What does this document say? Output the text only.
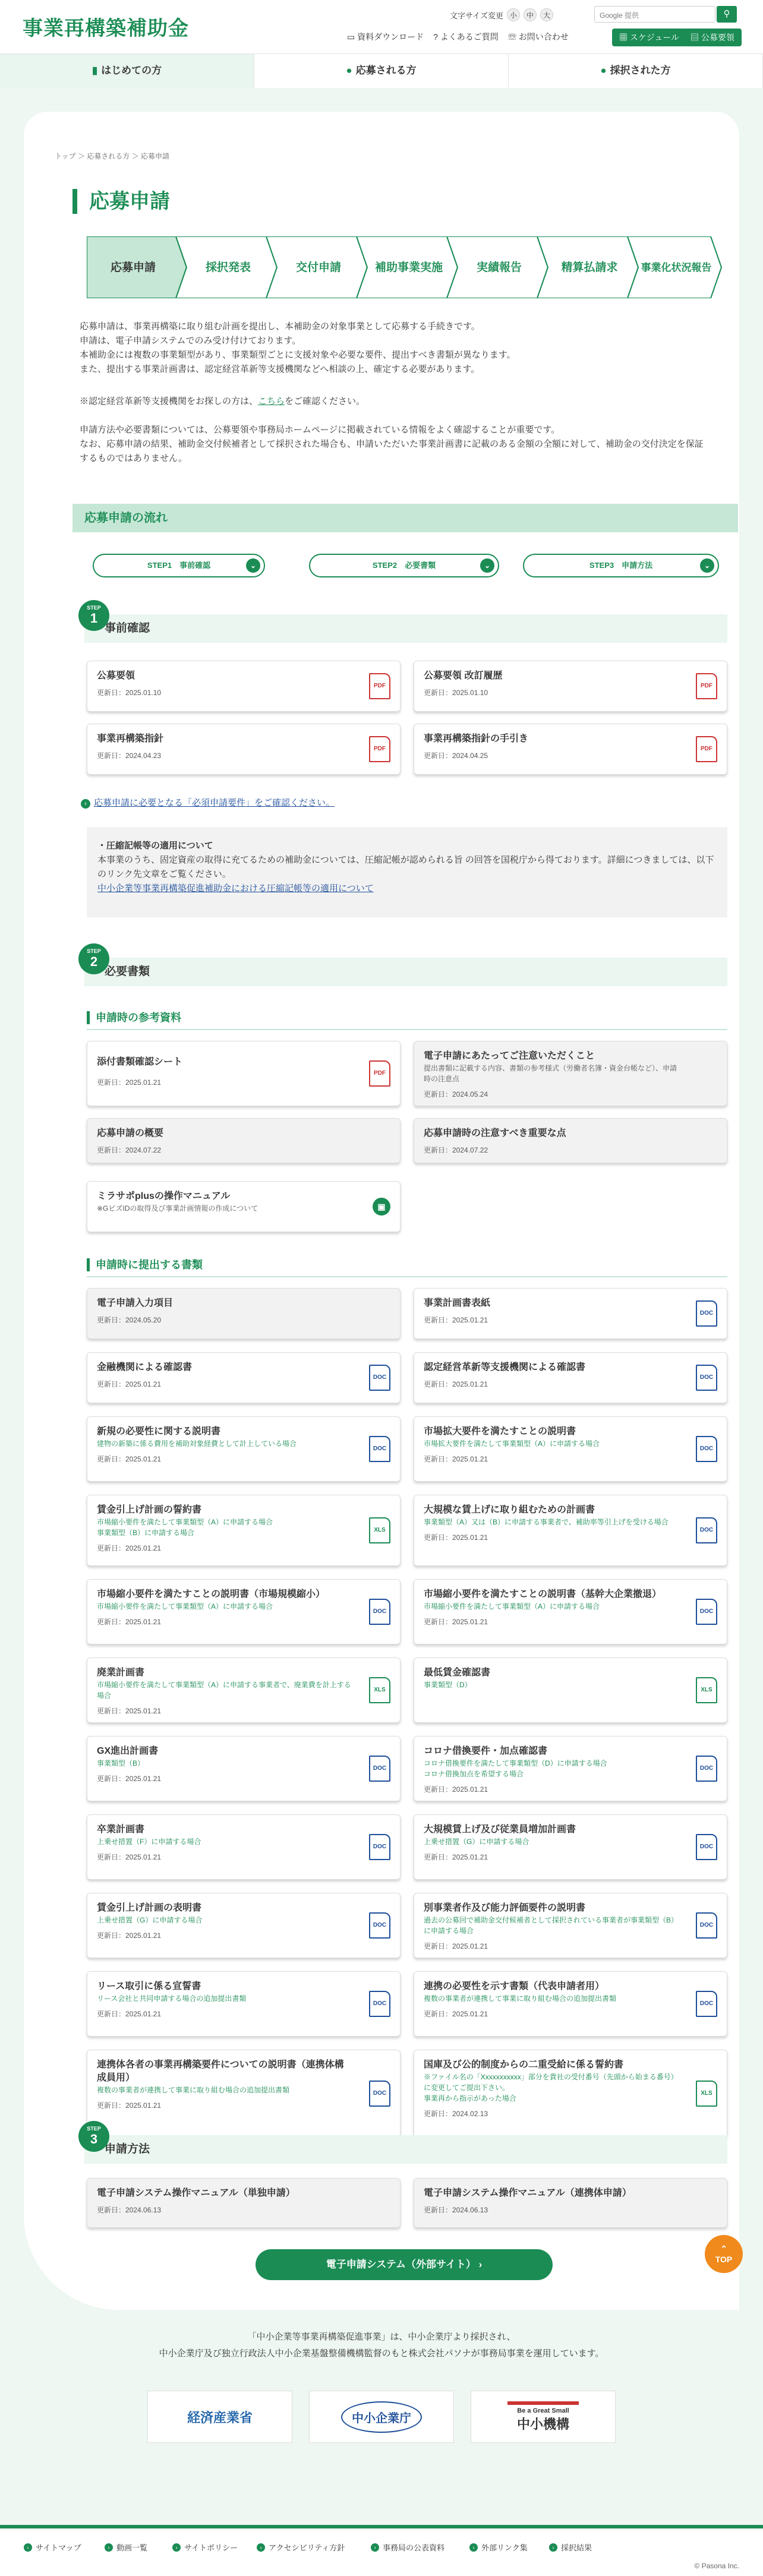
事業再構築補助金
文字サイズ変更 小	中	大	Google 提供	⚲
▭ 資料ダウンロード ? よくあるご質問 ☏ お問い合わせ	▦ スケジュール	▤ 公募要領
▮ はじめての方	● 応募される方	● 採択された方
トップ ＞ 応募される方 ＞ 応募申請
応募申請
応募申請	採択発表	交付申請	補助事業実施	実績報告	精算払請求 事業化状況報告
応募申請は、事業再構築に取り組む計画を提出し、本補助金の対象事業として応募する手続きです。
申請は、電子申請システムでのみ受け付けております。
本補助金には複数の事業類型があり、事業類型ごとに支援対象や必要な要件、提出すべき書類が異なります。
また、提出する事業計画書は、認定経営革新等支援機関などへ相談の上、確定する必要があります。
※認定経営革新等支援機関をお探しの方は、こちらをご確認ください。
申請方法や必要書類については、公募要領や事務局ホームページに掲載されている情報をよく確認することが重要です。
なお、応募申請の結果、補助金交付候補者として採択された場合も、申請いただいた事業計画書に記載のある金額の全額に対して、補助金の交付決定を保証するものではありません。
応募申請の流れ
STEP1　事前確認	⌄	STEP2　必要書類	⌄	STEP3　申請方法	⌄
事前確認
STEP
1
公募要領
更新日：2025.01.10
PDF
公募要領 改訂履歴
更新日：2025.01.10
PDF
事業再構築指針
更新日：2024.04.23
PDF
事業再構築指針の手引き
更新日：2024.04.25
PDF
› 応募申請に必要となる「必須申請要件」をご確認ください。
・圧縮記帳等の適用について
本事業のうち、固定資産の取得に充てるための補助金については、圧縮記帳が認められる旨 の回答を国税庁から得ております。詳細につきましては、以下のリンク先文章をご覧ください。
中小企業等事業再構築促進補助金における圧縮記帳等の適用について
必要書類
STEP
2
申請時の参考資料
添付書類確認シート
更新日：2025.01.21
PDF
電子申請にあたってご注意いただくこと
提出書類に記載する内容、書類の参考様式（労働者名簿・資金台帳など）、申請時の注意点
更新日：2024.05.24
応募申請の概要
更新日：2024.07.22
応募申請時の注意すべき重要な点
更新日：2024.07.22
ミラサポplusの操作マニュアル
※GビズIDの取得及び事業計画情報の作成について	▣
申請時に提出する書類
電子申請入力項目
更新日：2024.05.20
事業計画書表紙
更新日：2025.01.21
DOC
金融機関による確認書
更新日：2025.01.21
DOC
認定経営革新等支援機関による確認書
更新日：2025.01.21
DOC
新規の必要性に関する説明書
建物の新築に係る費用を補助対象経費として計上している場合
更新日：2025.01.21
DOC
市場拡大要件を満たすことの説明書
市場拡大要件を満たして事業類型（A）に申請する場合
更新日：2025.01.21
DOC
賃金引上げ計画の誓約書
市場縮小要件を満たして事業類型（A）に申請する場合
事業類型（B）に申請する場合
更新日：2025.01.21
XLS
大規模な賃上げに取り組むための計画書
事業類型（A）又は（B）に申請する事業者で、補助率等引上げを受ける場合
更新日：2025.01.21
DOC
市場縮小要件を満たすことの説明書（市場規模縮小）
市場縮小要件を満たして事業類型（A）に申請する場合
更新日：2025.01.21
DOC
市場縮小要件を満たすことの説明書（基幹大企業撤退）
市場縮小要件を満たして事業類型（A）に申請する場合
更新日：2025.01.21
DOC
廃業計画書
市場縮小要件を満たして事業類型（A）に申請する事業者で、廃業費を計上する場合
更新日：2025.01.21
XLS
最低賃金確認書
事業類型（D）
XLS
GX進出計画書
事業類型（B）
更新日：2025.01.21
DOC
コロナ借換要件・加点確認書
コロナ借換要件を満たして事業類型（D）に申請する場合
コロナ借換加点を希望する場合
更新日：2025.01.21
DOC
卒業計画書
上乗せ措置（F）に申請する場合
更新日：2025.01.21
DOC
大規模賃上げ及び従業員増加計画書
上乗せ措置（G）に申請する場合
更新日：2025.01.21
DOC
賃金引上げ計画の表明書
上乗せ措置（G）に申請する場合
更新日：2025.01.21
DOC
別事業者作及び能力評価要件の説明書
過去の公募回で補助金交付候補者として採択されている事業者が事業類型（B）に申請する場合
更新日：2025.01.21
DOC
リース取引に係る宣誓書
リース会社と共同申請する場合の追加提出書類
更新日：2025.01.21
DOC
連携の必要性を示す書類（代表申請者用）
複数の事業者が連携して事業に取り組む場合の追加提出書類
更新日：2025.01.21
DOC
連携体各者の事業再構築要件についての説明書（連携体構成員用）
複数の事業者が連携して事業に取り組む場合の追加提出書類
更新日：2025.01.21
DOC
国庫及び公的制度からの二重受給に係る誓約書
※ファイル名の「Xxxxxxxxxxx」部分を貴社の受付番号（先頭から始まる番号）に変更してご提出下さい。
事業再から指示があった場合
更新日：2024.02.13
XLS
申請方法
STEP
3
電子申請システム操作マニュアル（単独申請）
更新日：2024.06.13
電子申請システム操作マニュアル（連携体申請）
更新日：2024.06.13
電子申請システム（外部サイト） ›
⌃
TOP
「中小企業等事業再構築促進事業」は、中小企業庁より採択され、
中小企業庁及び独立行政法人中小企業基盤整備機構監督のもと株式会社パソナが事務局事業を運用しています。
経済産業省	中小企業庁
Be a Great Small
中小機構
› サイトマップ	› 動画一覧	› サイトポリシー	› アクセシビリティ方針	› 事務局の公表資料	› 外部リンク集	› 採択結果
© Pasona Inc.
